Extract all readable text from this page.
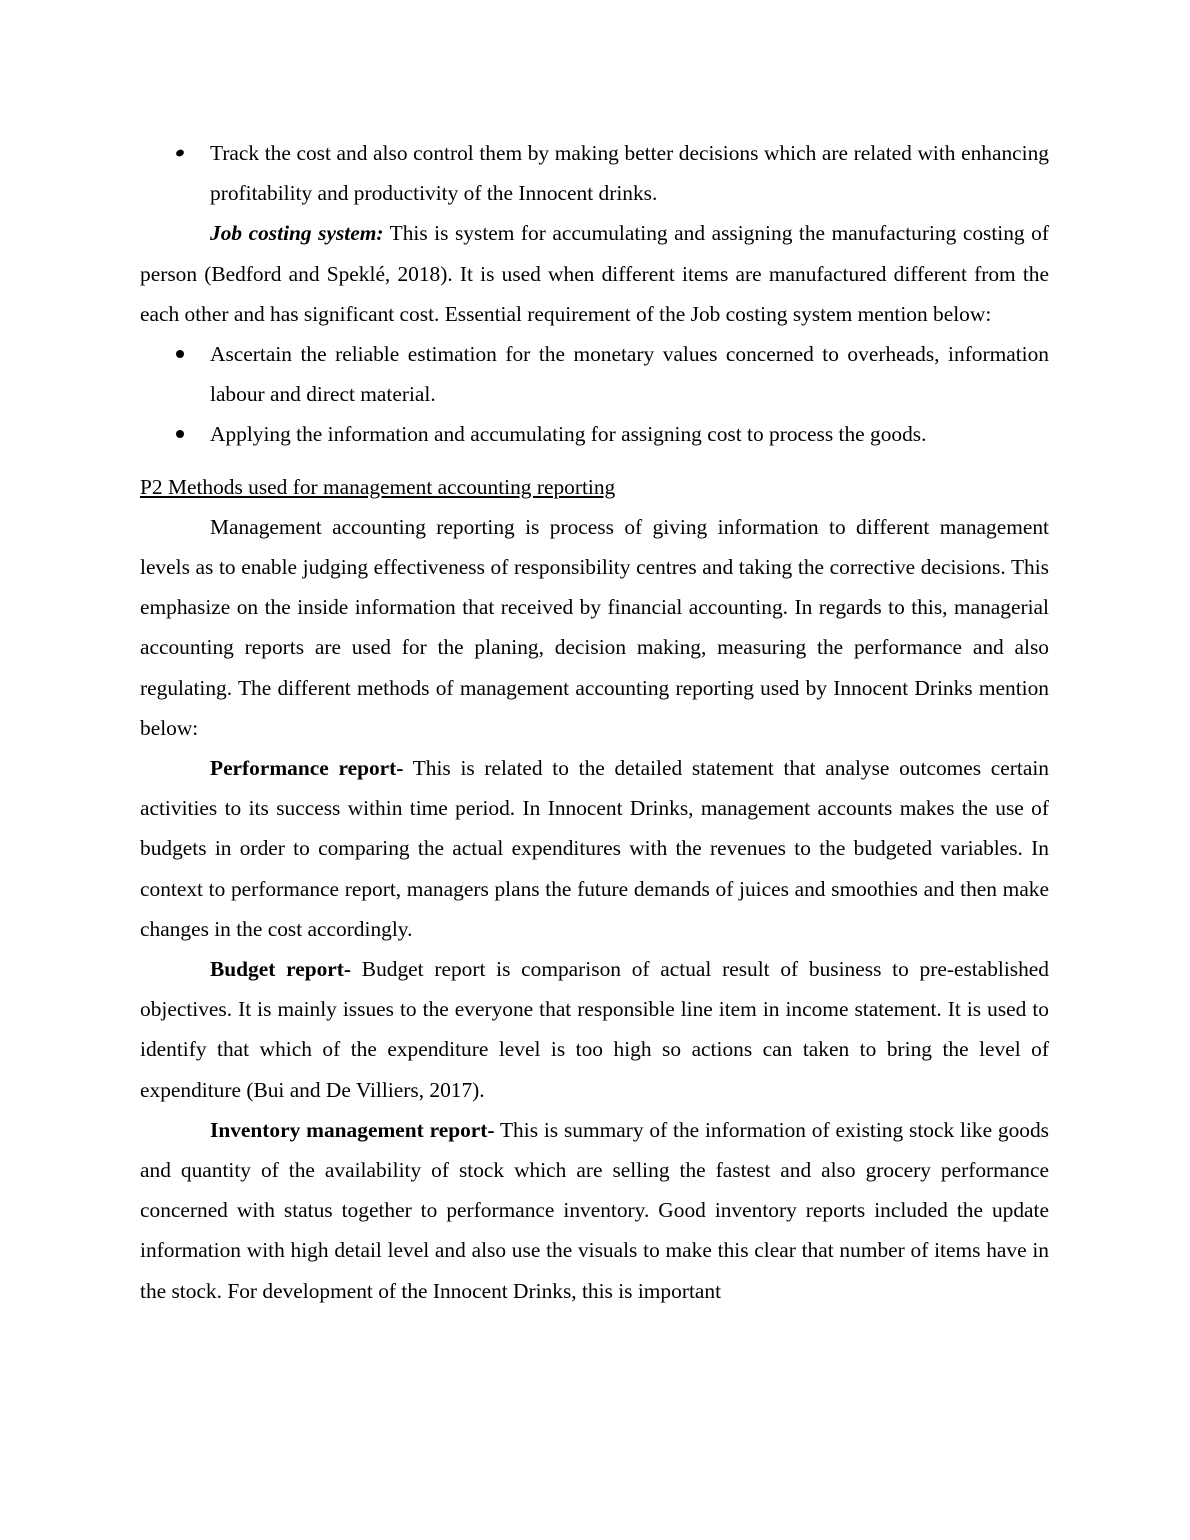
Track the cost and also control them by making better decisions which are related with enhancing profitability and productivity of the Innocent drinks.

Job costing system: This is system for accumulating and assigning the manufacturing costing of person (Bedford and Speklé, 2018). It is used when different items are manufactured different from the each other and has significant cost. Essential requirement of the Job costing system mention below:

Ascertain the reliable estimation for the monetary values concerned to overheads, information labour and direct material.
Applying the information and accumulating for assigning cost to process the goods.
P2 Methods used for management accounting reporting

Management accounting reporting is process of giving information to different management levels as to enable judging effectiveness of responsibility centres and taking the corrective decisions. This emphasize on the inside information that received by financial accounting. In regards to this, managerial accounting reports are used for the planing, decision making, measuring the performance and also regulating. The different methods of management accounting reporting used by Innocent Drinks mention below:

Performance report- This is related to the detailed statement that analyse outcomes certain activities to its success within time period. In Innocent Drinks, management accounts makes the use of budgets in order to comparing the actual expenditures with the revenues to the budgeted variables. In context to performance report, managers plans the future demands of juices and smoothies and then make changes in the cost accordingly.

Budget report- Budget report is comparison of actual result of business to pre-established objectives. It is mainly issues to the everyone that responsible line item in income statement. It is used to identify that which of the expenditure level is too high so actions can taken to bring the level of expenditure (Bui and De Villiers, 2017).

Inventory management report- This is summary of the information of existing stock like goods and quantity of the availability of stock which are selling the fastest and also grocery performance concerned with status together to performance inventory. Good inventory reports included the update information with high detail level and also use the visuals to make this clear that number of items have in the stock. For development of the Innocent Drinks, this is important
